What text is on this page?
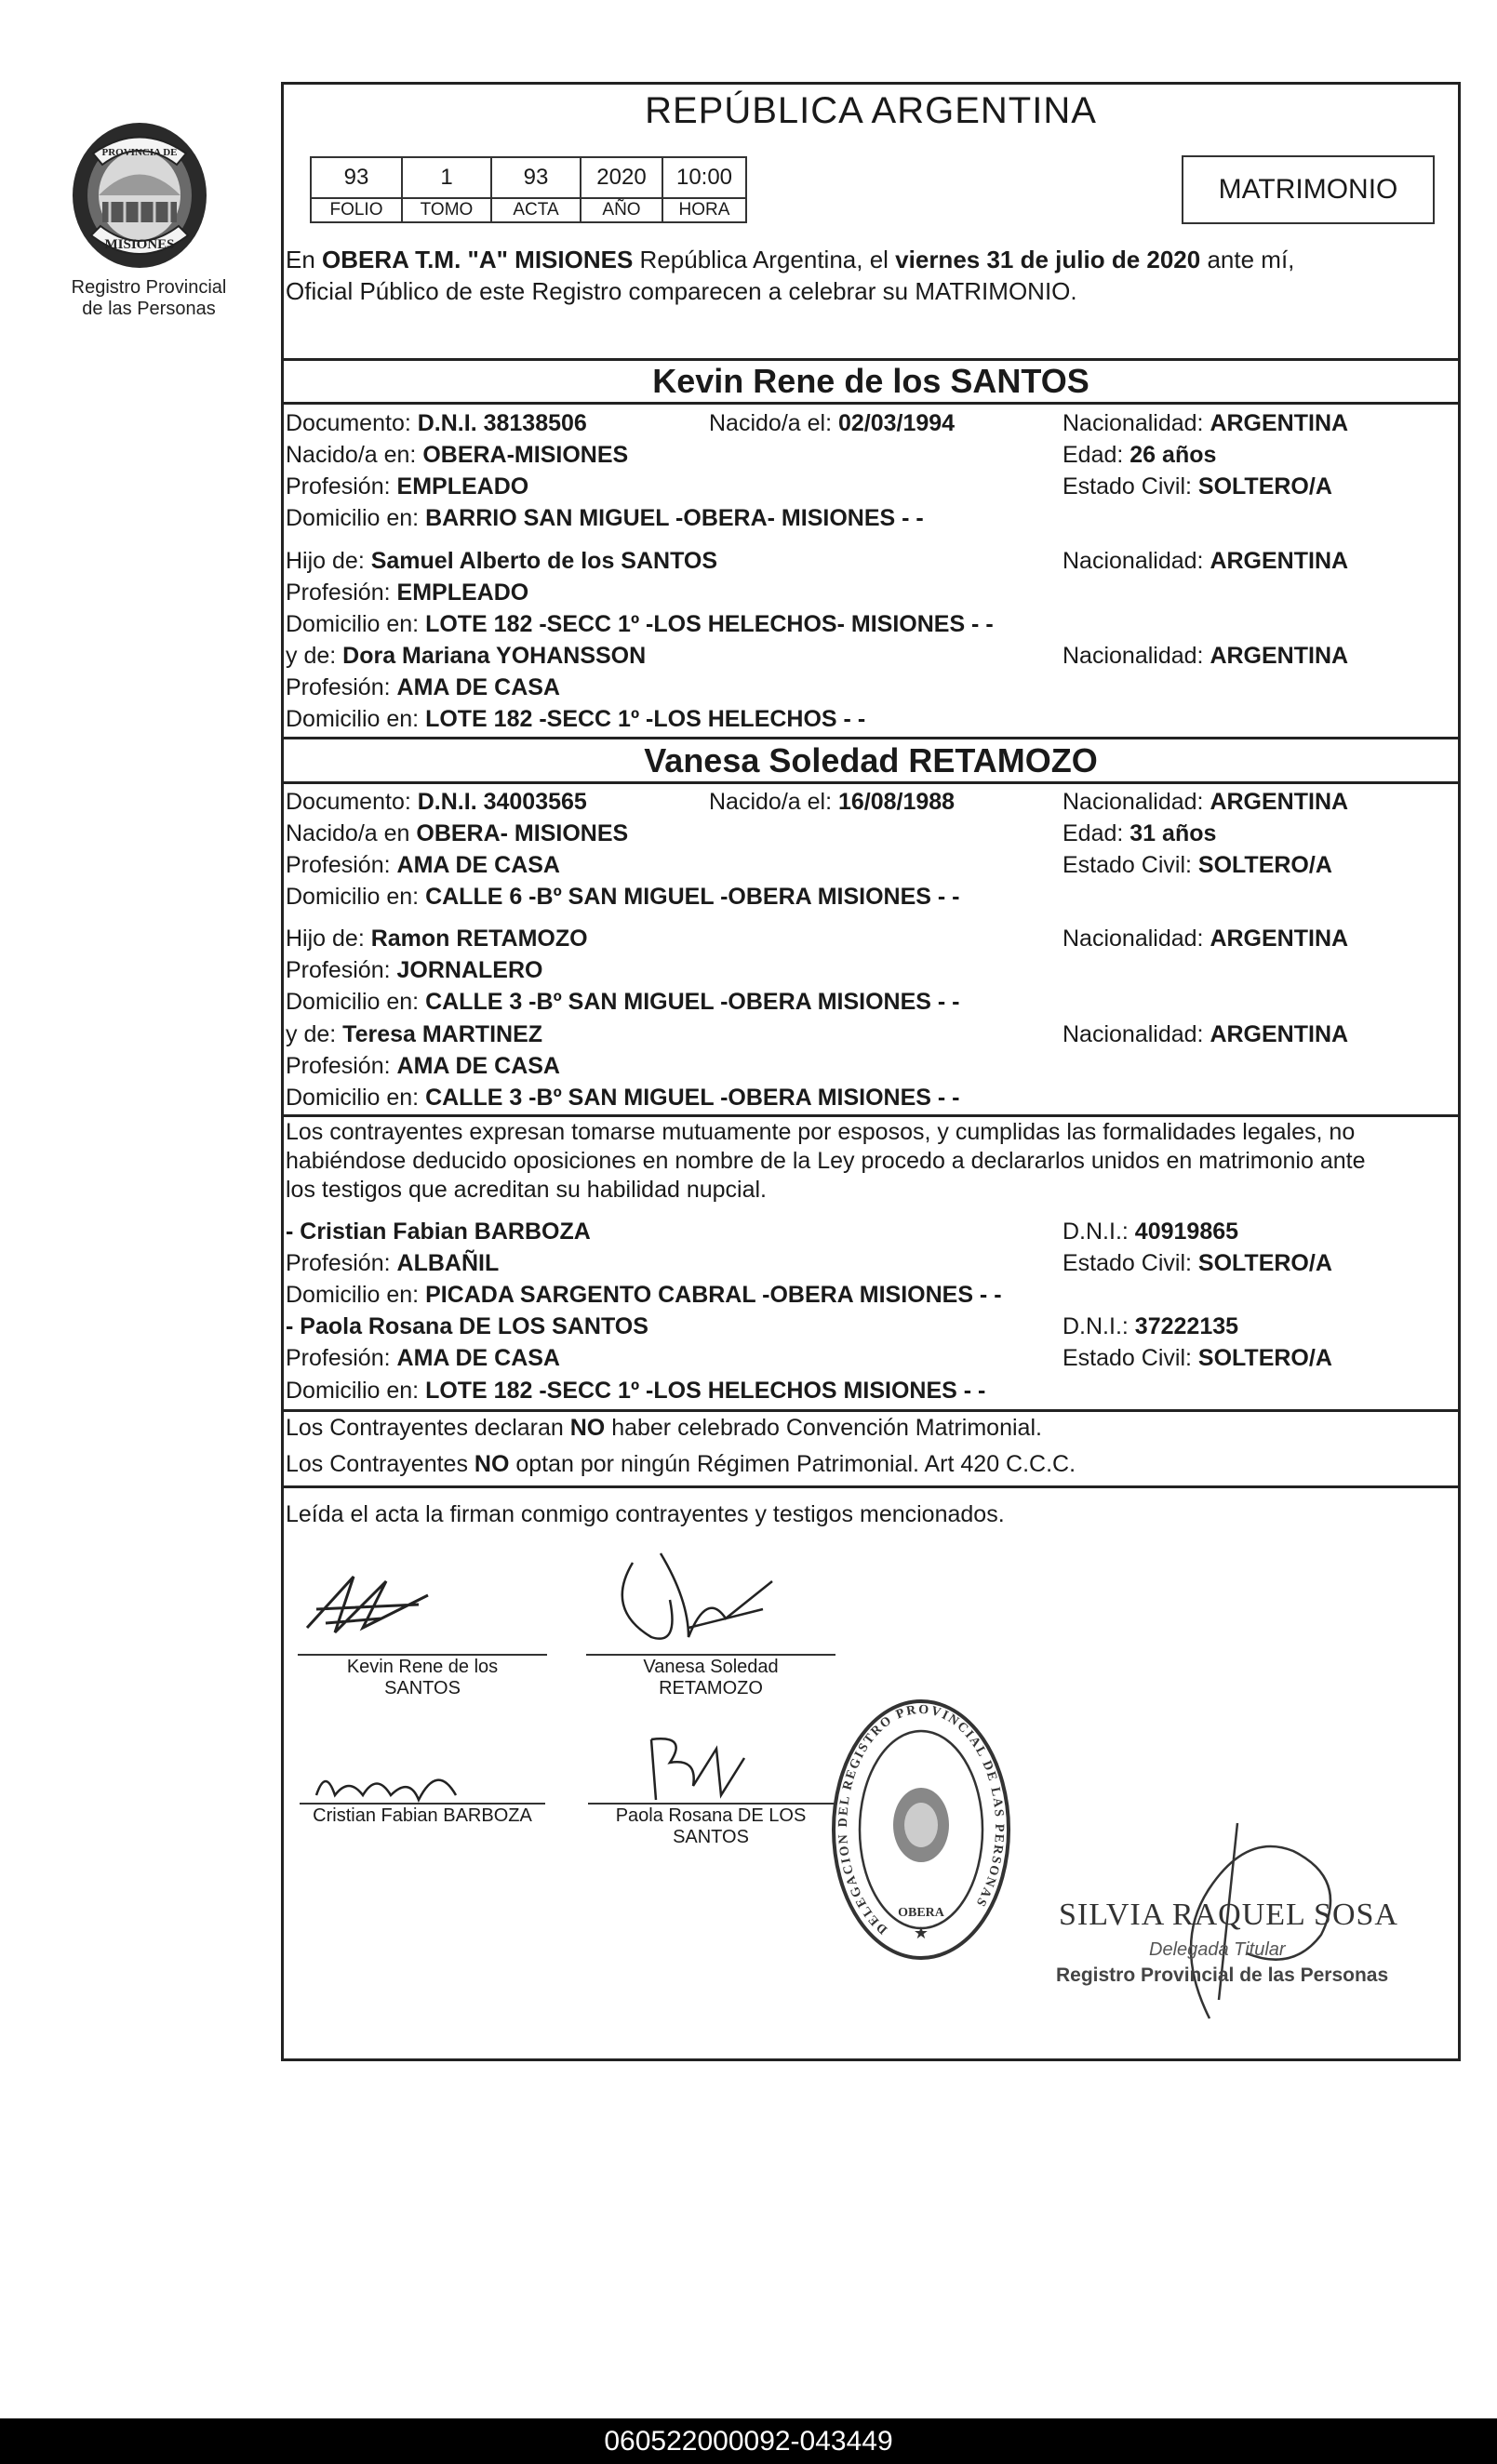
PROVINCIA DE
MISIONES
Registro Provincial
de las Personas
REPÚBLICA ARGENTINA
93	1	93	2020	10:00
FOLIO	TOMO	ACTA	AÑO	HORA
MATRIMONIO
En OBERA T.M. "A" MISIONES República Argentina, el viernes 31 de julio de 2020 ante mí,
Oficial Público de este Registro comparecen a celebrar su MATRIMONIO.
Kevin Rene de los SANTOS
Documento: D.N.I. 38138506	Nacido/a el: 02/03/1994	Nacionalidad: ARGENTINA
Nacido/a en: OBERA-MISIONES	Edad: 26 años
Profesión: EMPLEADO	Estado Civil: SOLTERO/A
Domicilio en: BARRIO SAN MIGUEL -OBERA- MISIONES - -
Hijo de: Samuel Alberto de los SANTOS	Nacionalidad: ARGENTINA
Profesión: EMPLEADO
Domicilio en: LOTE 182 -SECC 1º -LOS HELECHOS- MISIONES - -
y de: Dora Mariana YOHANSSON	Nacionalidad: ARGENTINA
Profesión: AMA DE CASA
Domicilio en: LOTE 182 -SECC 1º -LOS HELECHOS - -
Vanesa Soledad RETAMOZO
Documento: D.N.I. 34003565	Nacido/a el: 16/08/1988	Nacionalidad: ARGENTINA
Nacido/a en OBERA- MISIONES	Edad: 31 años
Profesión: AMA DE CASA	Estado Civil: SOLTERO/A
Domicilio en: CALLE 6 -Bº SAN MIGUEL -OBERA MISIONES - -
Hijo de: Ramon RETAMOZO	Nacionalidad: ARGENTINA
Profesión: JORNALERO
Domicilio en: CALLE 3 -Bº SAN MIGUEL -OBERA MISIONES - -
y de: Teresa MARTINEZ	Nacionalidad: ARGENTINA
Profesión: AMA DE CASA
Domicilio en: CALLE 3 -Bº SAN MIGUEL -OBERA MISIONES - -
Los contrayentes expresan tomarse mutuamente por esposos, y cumplidas las formalidades legales, no
habiéndose deducido oposiciones en nombre de la Ley procedo a declararlos unidos en matrimonio ante
los testigos que acreditan su habilidad nupcial.
- Cristian Fabian BARBOZA	D.N.I.: 40919865
Profesión: ALBAÑIL	Estado Civil: SOLTERO/A
Domicilio en: PICADA SARGENTO CABRAL -OBERA MISIONES - -
- Paola Rosana DE LOS SANTOS	D.N.I.: 37222135
Profesión: AMA DE CASA	Estado Civil: SOLTERO/A
Domicilio en: LOTE 182 -SECC 1º -LOS HELECHOS MISIONES - -
Los Contrayentes declaran NO haber celebrado Convención Matrimonial.
Los Contrayentes NO optan por ningún Régimen Patrimonial. Art 420 C.C.C.
Leída el acta la firman conmigo contrayentes y testigos mencionados.
Kevin Rene de los
SANTOS
Vanesa Soledad
RETAMOZO
Cristian Fabian BARBOZA	Paola Rosana DE LOS
SANTOS
DELEGACION DEL REGISTRO PROVINCIAL DE LAS PERSONAS
OBERA
★
SILVIA RAQUEL SOSA
Delegada Titular
Registro Provincial de las Personas
060522000092-043449
